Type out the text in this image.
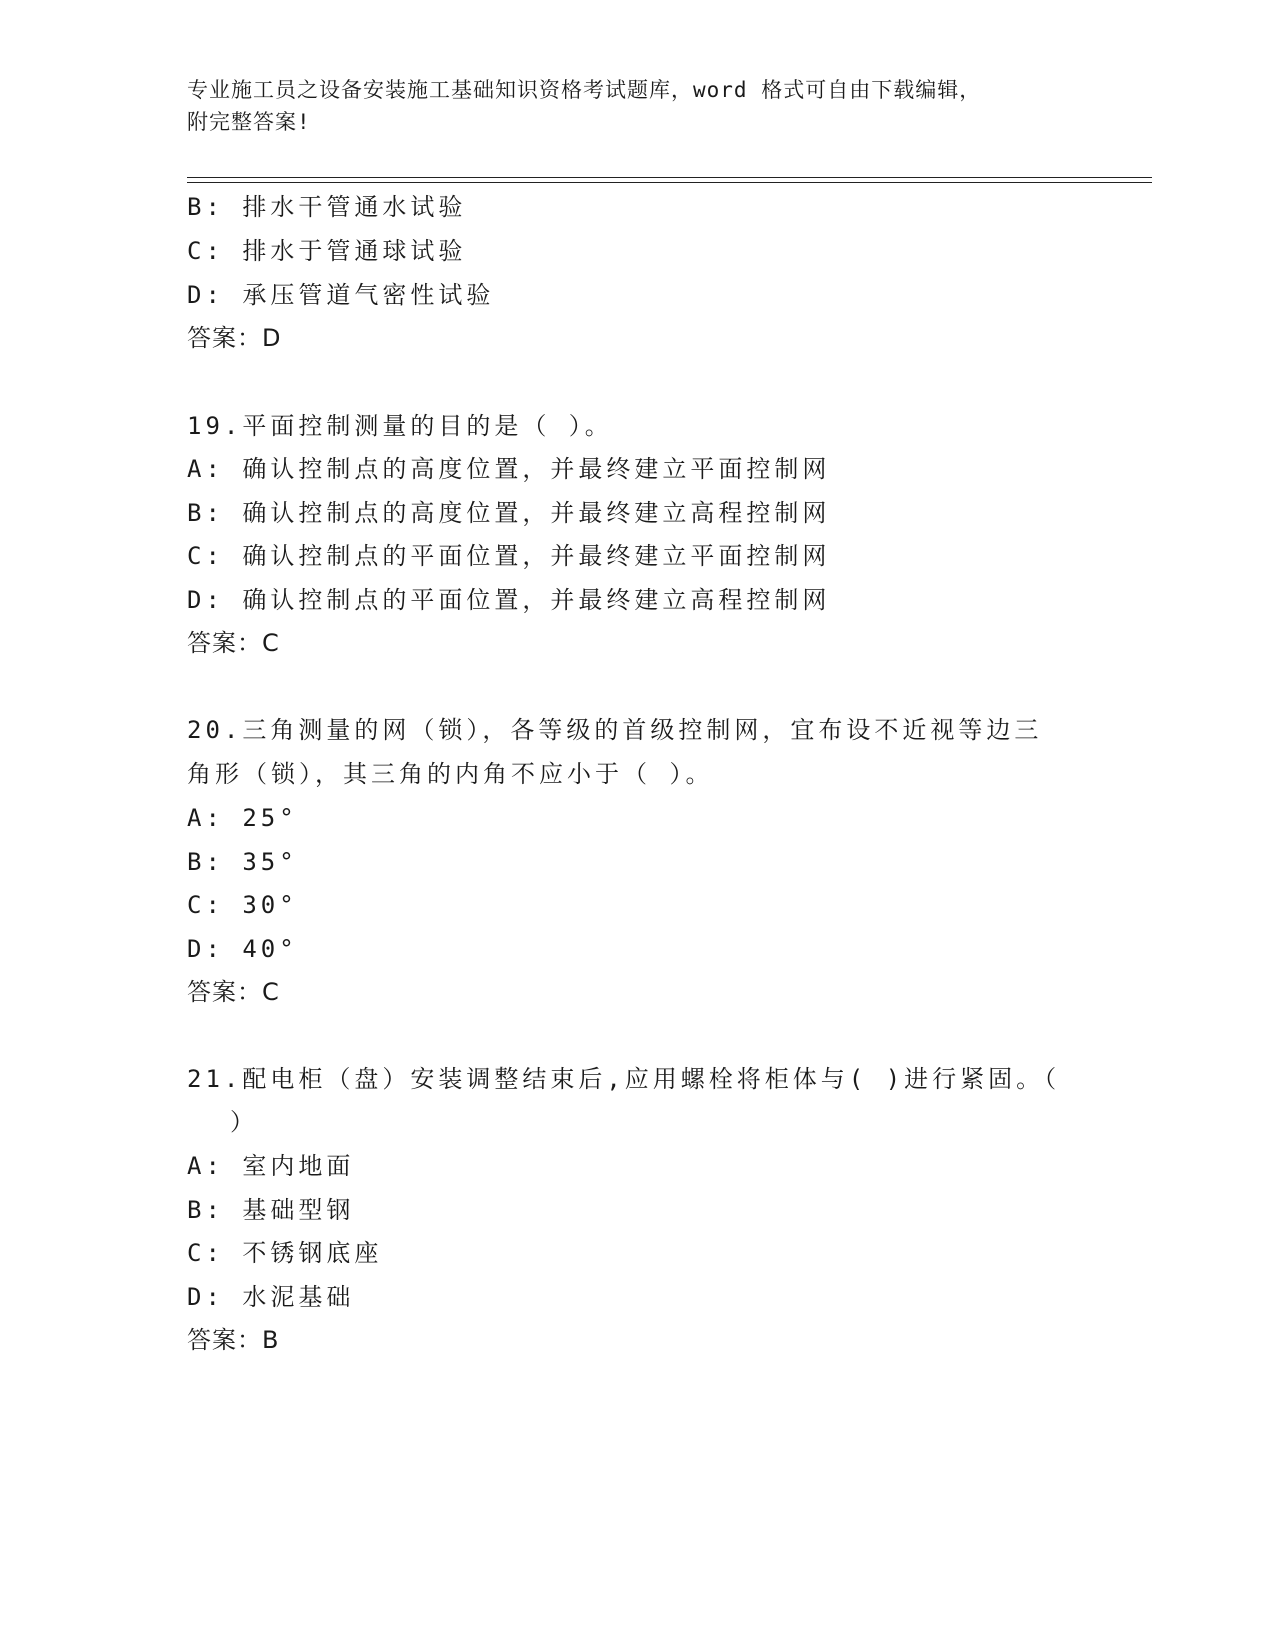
专业施工员之设备安装施工基础知识资格考试题库，word 格式可自由下载编辑，
附完整答案!
B: 排水干管通水试验
C: 排水于管通球试验
D: 承压管道气密性试验
答案：D
19.平面控制测量的目的是（ ）。
A: 确认控制点的高度位置，并最终建立平面控制网
B: 确认控制点的高度位置，并最终建立高程控制网
C: 确认控制点的平面位置，并最终建立平面控制网
D: 确认控制点的平面位置，并最终建立高程控制网
答案：C
20.三角测量的网（锁），各等级的首级控制网，宜布设不近视等边三
角形（锁），其三角的内角不应小于（ ）。
A: 25°
B: 35°
C: 30°
D: 40°
答案：C
21.配电柜（盘）安装调整结束后,应用螺栓将柜体与( )进行紧固。（
）
A: 室内地面
B: 基础型钢
C: 不锈钢底座
D: 水泥基础
答案：B
